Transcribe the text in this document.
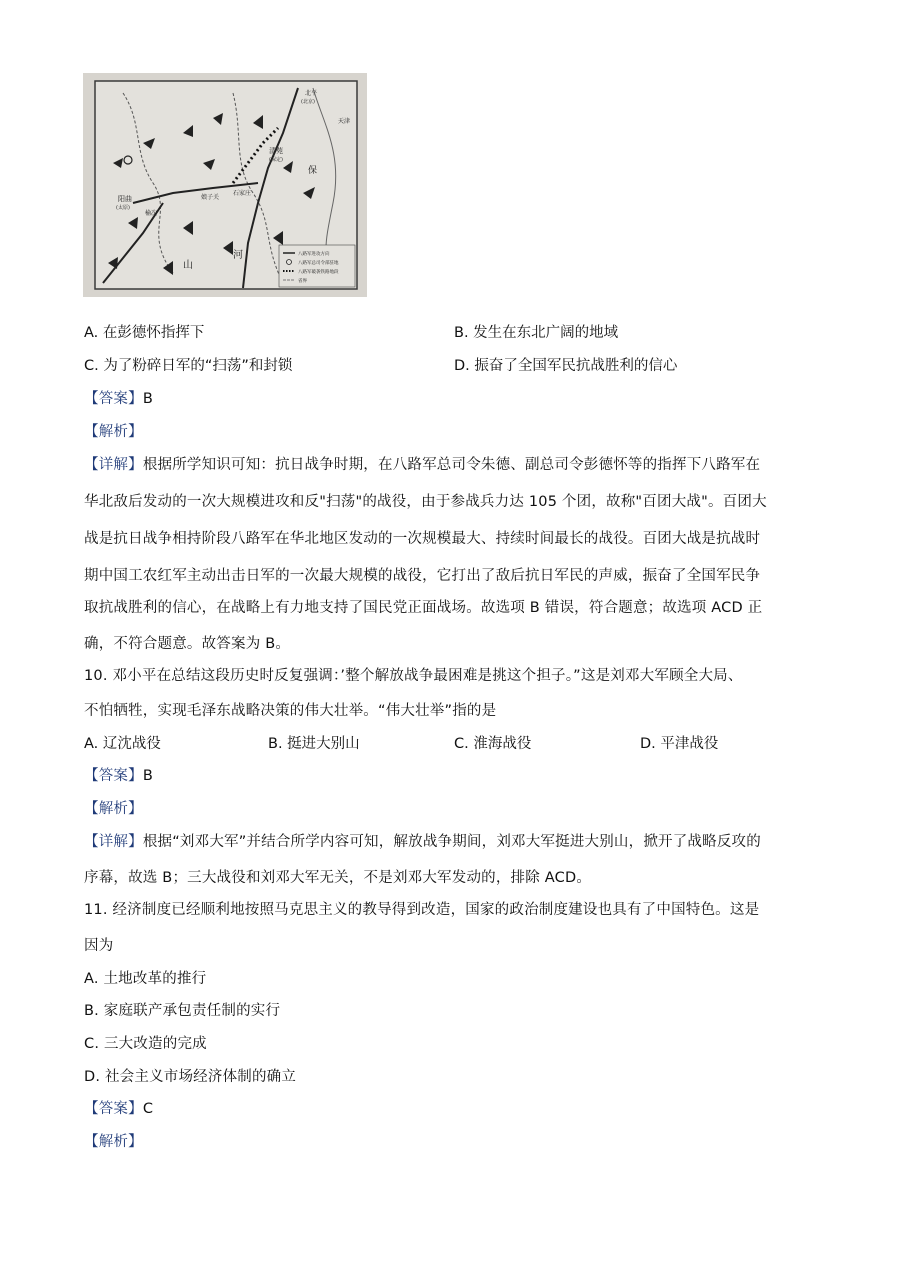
北平
(北京)
天津
清苑
(保定)
石家庄
娘子关
阳曲
(太原)
榆次
山
河
保
八路军进攻方向
八路军总司令部驻地
八路军破袭铁路地段
省界
A. 在彭德怀指挥下	B. 发生在东北广阔的地域
C. 为了粉碎日军的“扫荡”和封锁	D. 振奋了全国军民抗战胜利的信心
【答案】B
【解析】
【详解】根据所学知识可知：抗日战争时期，在八路军总司令朱德、副总司令彭德怀等的指挥下八路军在
华北敌后发动的一次大规模进攻和反"扫荡"的战役，由于参战兵力达 105 个团，故称"百团大战"。百团大
战是抗日战争相持阶段八路军在华北地区发动的一次规模最大、持续时间最长的战役。百团大战是抗战时
期中国工农红军主动出击日军的一次最大规模的战役，它打出了敌后抗日军民的声威，振奋了全国军民争
取抗战胜利的信心，在战略上有力地支持了国民党正面战场。故选项 B 错误，符合题意；故选项 ACD 正
确，不符合题意。故答案为 B。
10. 邓小平在总结这段历史时反复强调：’整个解放战争最困难是挑这个担子。”这是刘邓大军顾全大局、
不怕牺牲，实现毛泽东战略决策的伟大壮举。“伟大壮举”指的是
A. 辽沈战役	B. 挺进大别山	C. 淮海战役	D. 平津战役
【答案】B
【解析】
【详解】根据“刘邓大军”并结合所学内容可知，解放战争期间，刘邓大军挺进大别山，掀开了战略反攻的
序幕，故选 B；三大战役和刘邓大军无关，不是刘邓大军发动的，排除 ACD。
11. 经济制度已经顺利地按照马克思主义的教导得到改造，国家的政治制度建设也具有了中国特色。这是
因为
A. 土地改革的推行
B. 家庭联产承包责任制的实行
C. 三大改造的完成
D. 社会主义市场经济体制的确立
【答案】C
【解析】
